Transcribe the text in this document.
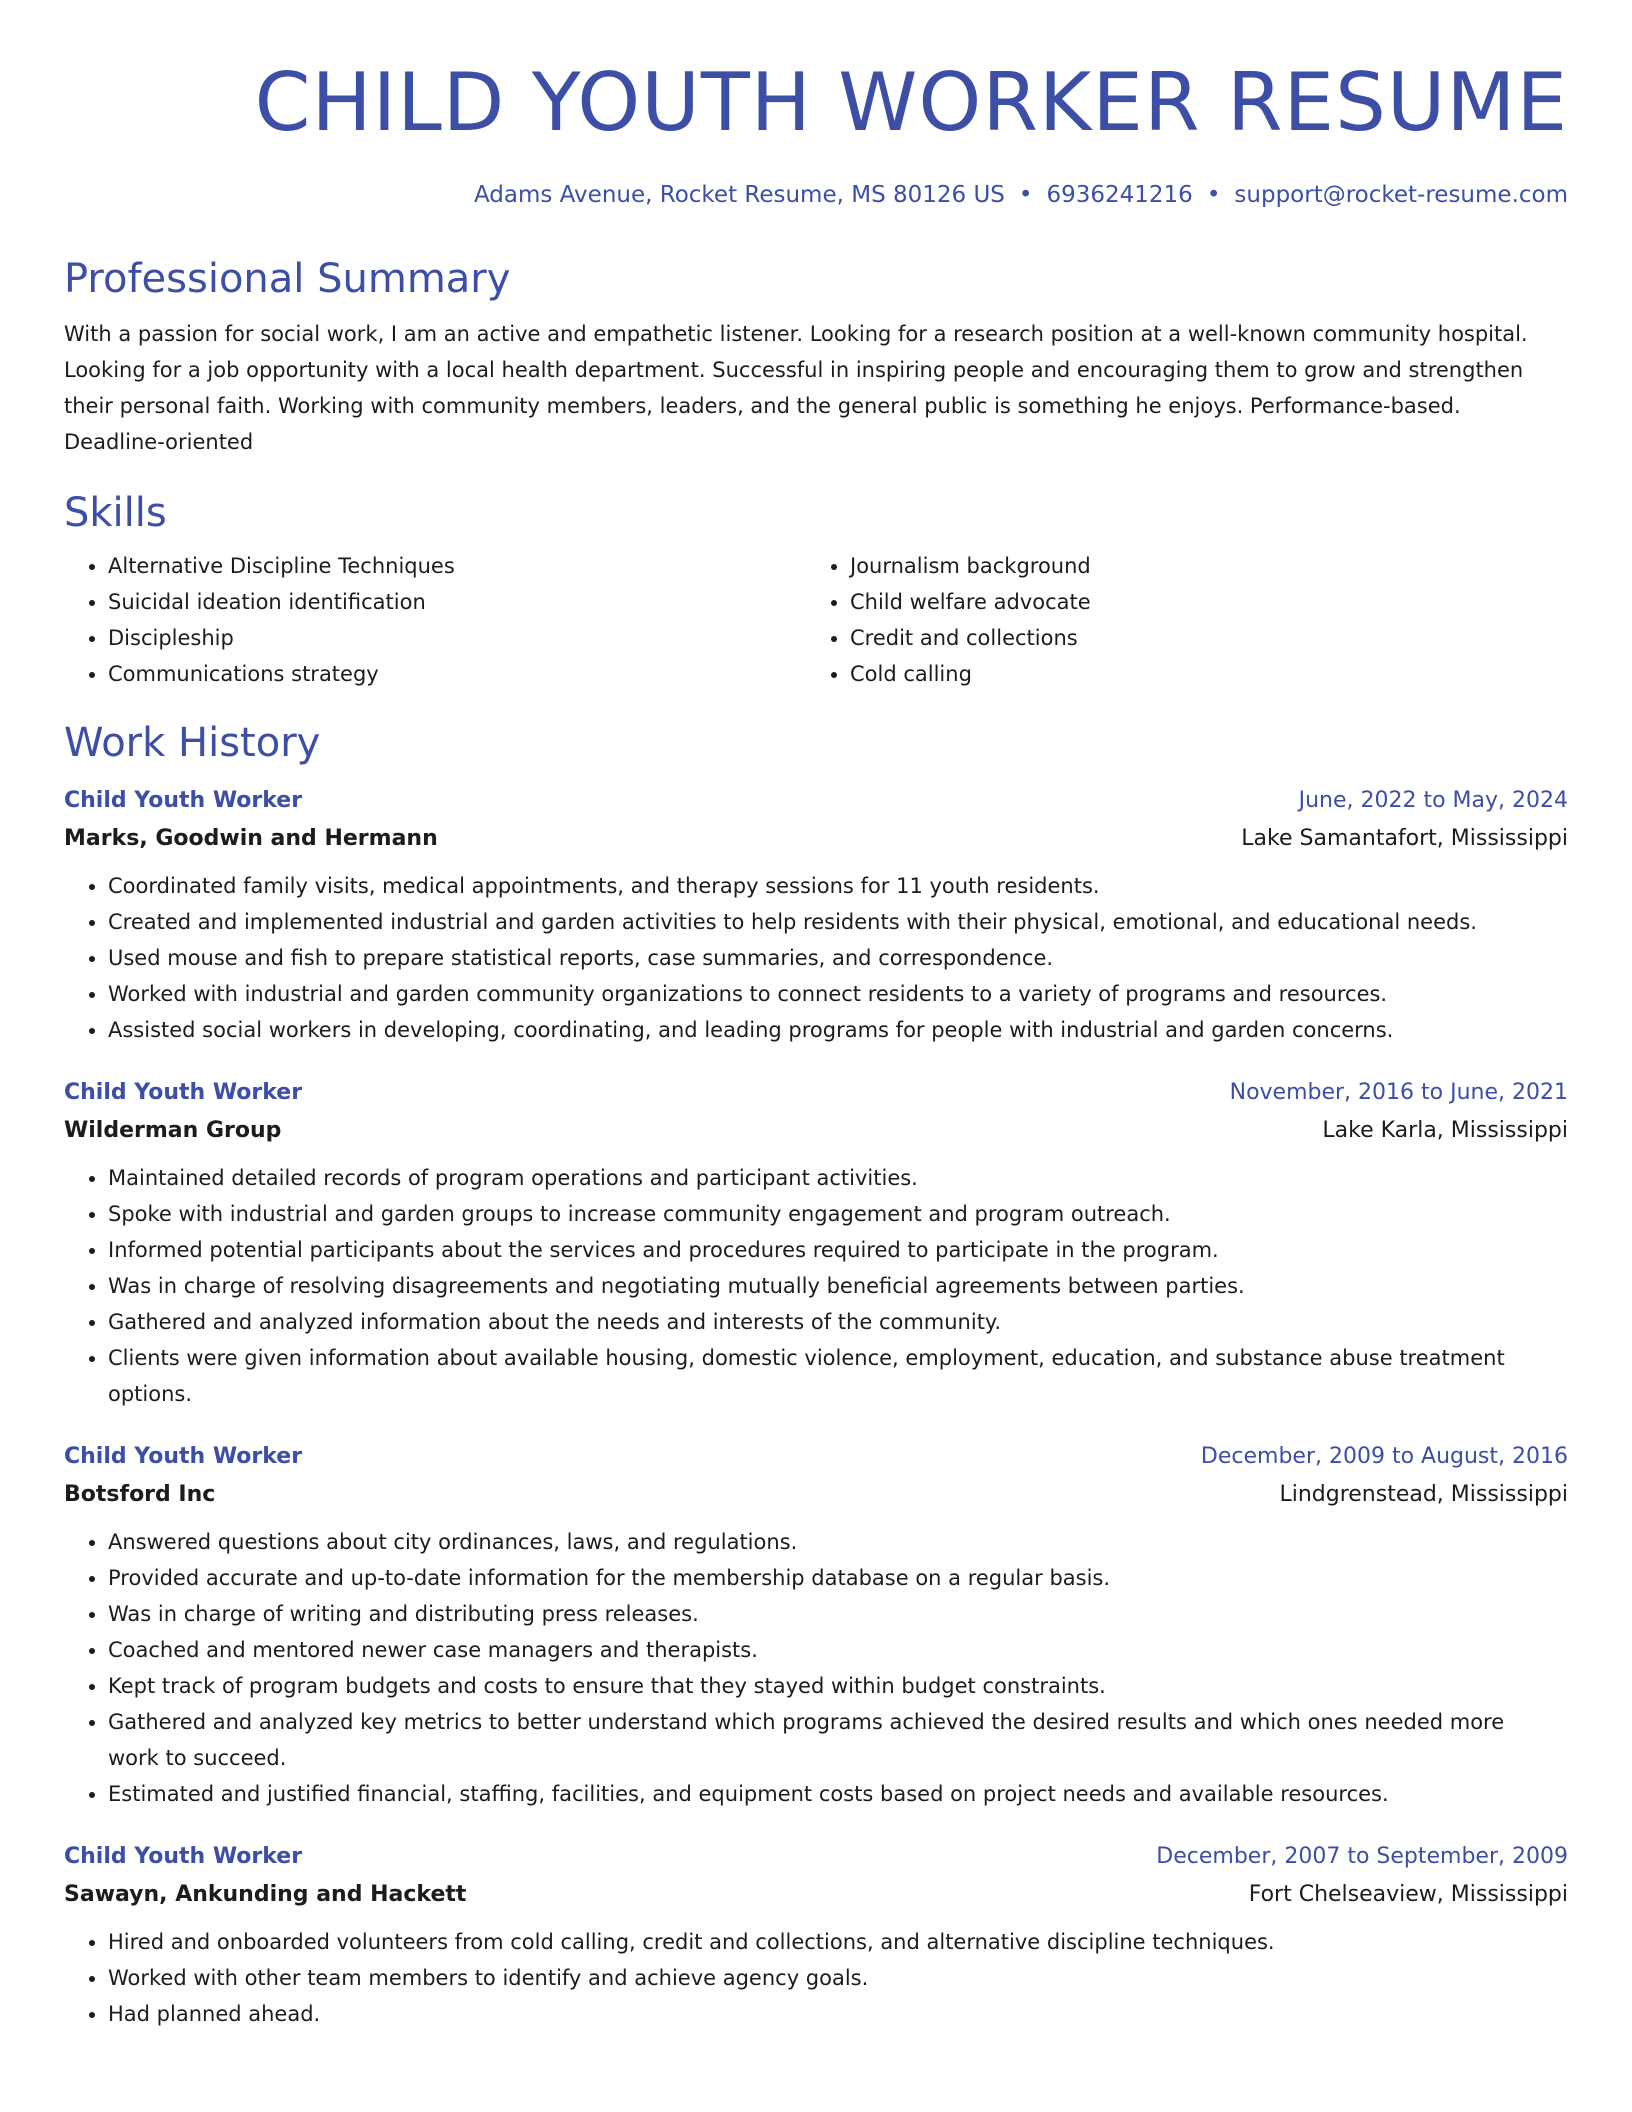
CHILD YOUTH WORKER RESUME
Adams Avenue, Rocket Resume, MS 80126 US • 6936241216 • support@rocket-resume.com
Professional Summary

With a passion for social work, I am an active and empathetic listener. Looking for a research position at a well-known community hospital. Looking for a job opportunity with a local health department. Successful in inspiring people and encouraging them to grow and strengthen their personal faith. Working with community members, leaders, and the general public is something he enjoys. Performance-based. Deadline-oriented

Skills
• Alternative Discipline Techniques
• Suicidal ideation identification
• Discipleship
• Communications strategy
• Journalism background
• Child welfare advocate
• Credit and collections
• Cold calling
Work History
Child Youth Worker	June, 2022 to May, 2024
Marks, Goodwin and Hermann	Lake Samantafort, Mississippi
• Coordinated family visits, medical appointments, and therapy sessions for 11 youth residents.
• Created and implemented industrial and garden activities to help residents with their physical, emotional, and educational needs.
• Used mouse and fish to prepare statistical reports, case summaries, and correspondence.
• Worked with industrial and garden community organizations to connect residents to a variety of programs and resources.
• Assisted social workers in developing, coordinating, and leading programs for people with industrial and garden concerns.
Child Youth Worker	November, 2016 to June, 2021
Wilderman Group	Lake Karla, Mississippi
• Maintained detailed records of program operations and participant activities.
• Spoke with industrial and garden groups to increase community engagement and program outreach.
• Informed potential participants about the services and procedures required to participate in the program.
• Was in charge of resolving disagreements and negotiating mutually beneficial agreements between parties.
• Gathered and analyzed information about the needs and interests of the community.
• Clients were given information about available housing, domestic violence, employment, education, and substance abuse treatment options.
Child Youth Worker	December, 2009 to August, 2016
Botsford Inc	Lindgrenstead, Mississippi
• Answered questions about city ordinances, laws, and regulations.
• Provided accurate and up-to-date information for the membership database on a regular basis.
• Was in charge of writing and distributing press releases.
• Coached and mentored newer case managers and therapists.
• Kept track of program budgets and costs to ensure that they stayed within budget constraints.
• Gathered and analyzed key metrics to better understand which programs achieved the desired results and which ones needed more work to succeed.
• Estimated and justified financial, staffing, facilities, and equipment costs based on project needs and available resources.
Child Youth Worker	December, 2007 to September, 2009
Sawayn, Ankunding and Hackett	Fort Chelseaview, Mississippi
• Hired and onboarded volunteers from cold calling, credit and collections, and alternative discipline techniques.
• Worked with other team members to identify and achieve agency goals.
• Had planned ahead.
